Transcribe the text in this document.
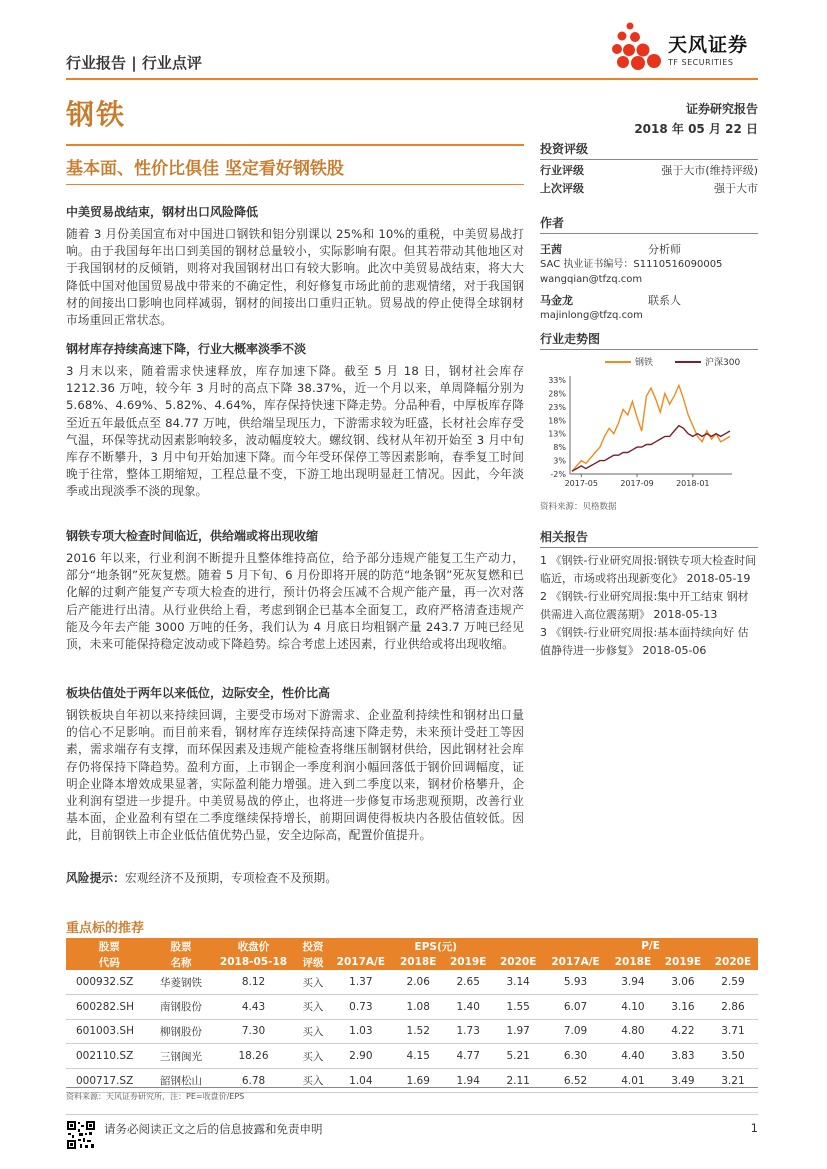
行业报告 | 行业点评
天风证券
TF SECURITIES
钢铁	证券研究报告
2018 年 05 月 22 日
基本面、性价比俱佳 坚定看好钢铁股
中美贸易战结束，钢材出口风险降低
随着 3 月份美国宣布对中国进口钢铁和铝分别课以 25%和 10%的重税，中美贸易战打响。由于我国每年出口到美国的钢材总量较小，实际影响有限。但其若带动其他地区对于我国钢材的反倾销，则将对我国钢材出口有较大影响。此次中美贸易战结束，将大大降低中国对他国贸易战中带来的不确定性，利好修复市场此前的悲观情绪，对于我国钢材的间接出口影响也同样减弱，钢材的间接出口重归正轨。贸易战的停止使得全球钢材市场重回正常状态。
钢材库存持续高速下降，行业大概率淡季不淡
3 月末以来，随着需求快速释放，库存加速下降。截至 5 月 18 日，钢材社会库存 1212.36 万吨，较今年 3 月时的高点下降 38.37%，近一个月以来，单周降幅分别为 5.68%、4.69%、5.82%、4.64%，库存保持快速下降走势。分品种看，中厚板库存降至近五年最低点至 84.77 万吨，供给端呈现压力，下游需求较为旺盛，长材社会库存受气温，环保等扰动因素影响较多，波动幅度较大。螺纹钢、线材从年初开始至 3 月中旬库存不断攀升，3 月中旬开始加速下降。而今年受环保停工等因素影响，春季复工时间晚于往常，整体工期缩短，工程总量不变，下游工地出现明显赶工情况。因此，今年淡季或出现淡季不淡的现象。
钢铁专项大检查时间临近，供给端或将出现收缩
2016 年以来，行业利润不断提升且整体维持高位，给予部分违规产能复工生产动力，部分“地条钢”死灰复燃。随着 5 月下旬、6 月份即将开展的防范“地条钢”死灰复燃和已化解的过剩产能复产专项大检查的进行，预计仍将会压减不合规产能产量，再一次对落后产能进行出清。从行业供给上看，考虑到钢企已基本全面复工，政府严格清查违规产能及今年去产能 3000 万吨的任务，我们认为 4 月底日均粗钢产量 243.7 万吨已经见顶，未来可能保持稳定波动或下降趋势。综合考虑上述因素，行业供给或将出现收缩。
板块估值处于两年以来低位，边际安全，性价比高
钢铁板块自年初以来持续回调，主要受市场对下游需求、企业盈利持续性和钢材出口量的信心不足影响。而目前来看，钢材库存连续保持高速下降走势，未来预计受赶工等因素，需求端存有支撑，而环保因素及违规产能检查将继压制钢材供给，因此钢材社会库存仍将保持下降趋势。盈利方面，上市钢企一季度利润小幅回落低于钢价回调幅度，证明企业降本增效成果显著，实际盈利能力增强。进入到二季度以来，钢材价格攀升，企业利润有望进一步提升。中美贸易战的停止，也将进一步修复市场悲观预期，改善行业基本面，企业盈利有望在二季度继续保持增长，前期回调使得板块内各股估值较低。因此，目前钢铁上市企业低估值优势凸显，安全边际高，配置价值提升。
风险提示：宏观经济不及预期，专项检查不及预期。
投资评级
行业评级	强于大市(维持评级)
上次评级	强于大市
作者
王茜	分析师
SAC 执业证书编号：S1110516090005
wangqian@tfzq.com
马金龙	联系人
majinlong@tfzq.com
行业走势图
钢铁	沪深300
-2%
3%
8%
13%
18%
23%
28%
33%
2017-05	2017-09	2018-01
资料来源：贝格数据
相关报告
1 《钢铁-行业研究周报:钢铁专项大检查时间临近，市场或将出现新变化》 2018-05-19
2 《钢铁-行业研究周报:集中开工结束 钢材供需进入高位震荡期》 2018-05-13
3 《钢铁-行业研究周报:基本面持续向好 估值静待进一步修复》 2018-05-06
重点标的推荐
股票	股票	收盘价	投资	EPS(元)				P/E			
代码	名称	2018-05-18	评级	2017A/E	2018E	2019E	2020E	2017A/E	2018E	2019E	2020E
000932.SZ	华菱钢铁	8.12	买入	1.37	2.06	2.65	3.14	5.93	3.94	3.06	2.59
600282.SH	南钢股份	4.43	买入	0.73	1.08	1.40	1.55	6.07	4.10	3.16	2.86
601003.SH	柳钢股份	7.30	买入	1.03	1.52	1.73	1.97	7.09	4.80	4.22	3.71
002110.SZ	三钢闽光	18.26	买入	2.90	4.15	4.77	5.21	6.30	4.40	3.83	3.50
000717.SZ	韶钢松山	6.78	买入	1.04	1.69	1.94	2.11	6.52	4.01	3.49	3.21
资料来源：天风证券研究所，注：PE=收盘价/EPS
请务必阅读正文之后的信息披露和免责申明	1
